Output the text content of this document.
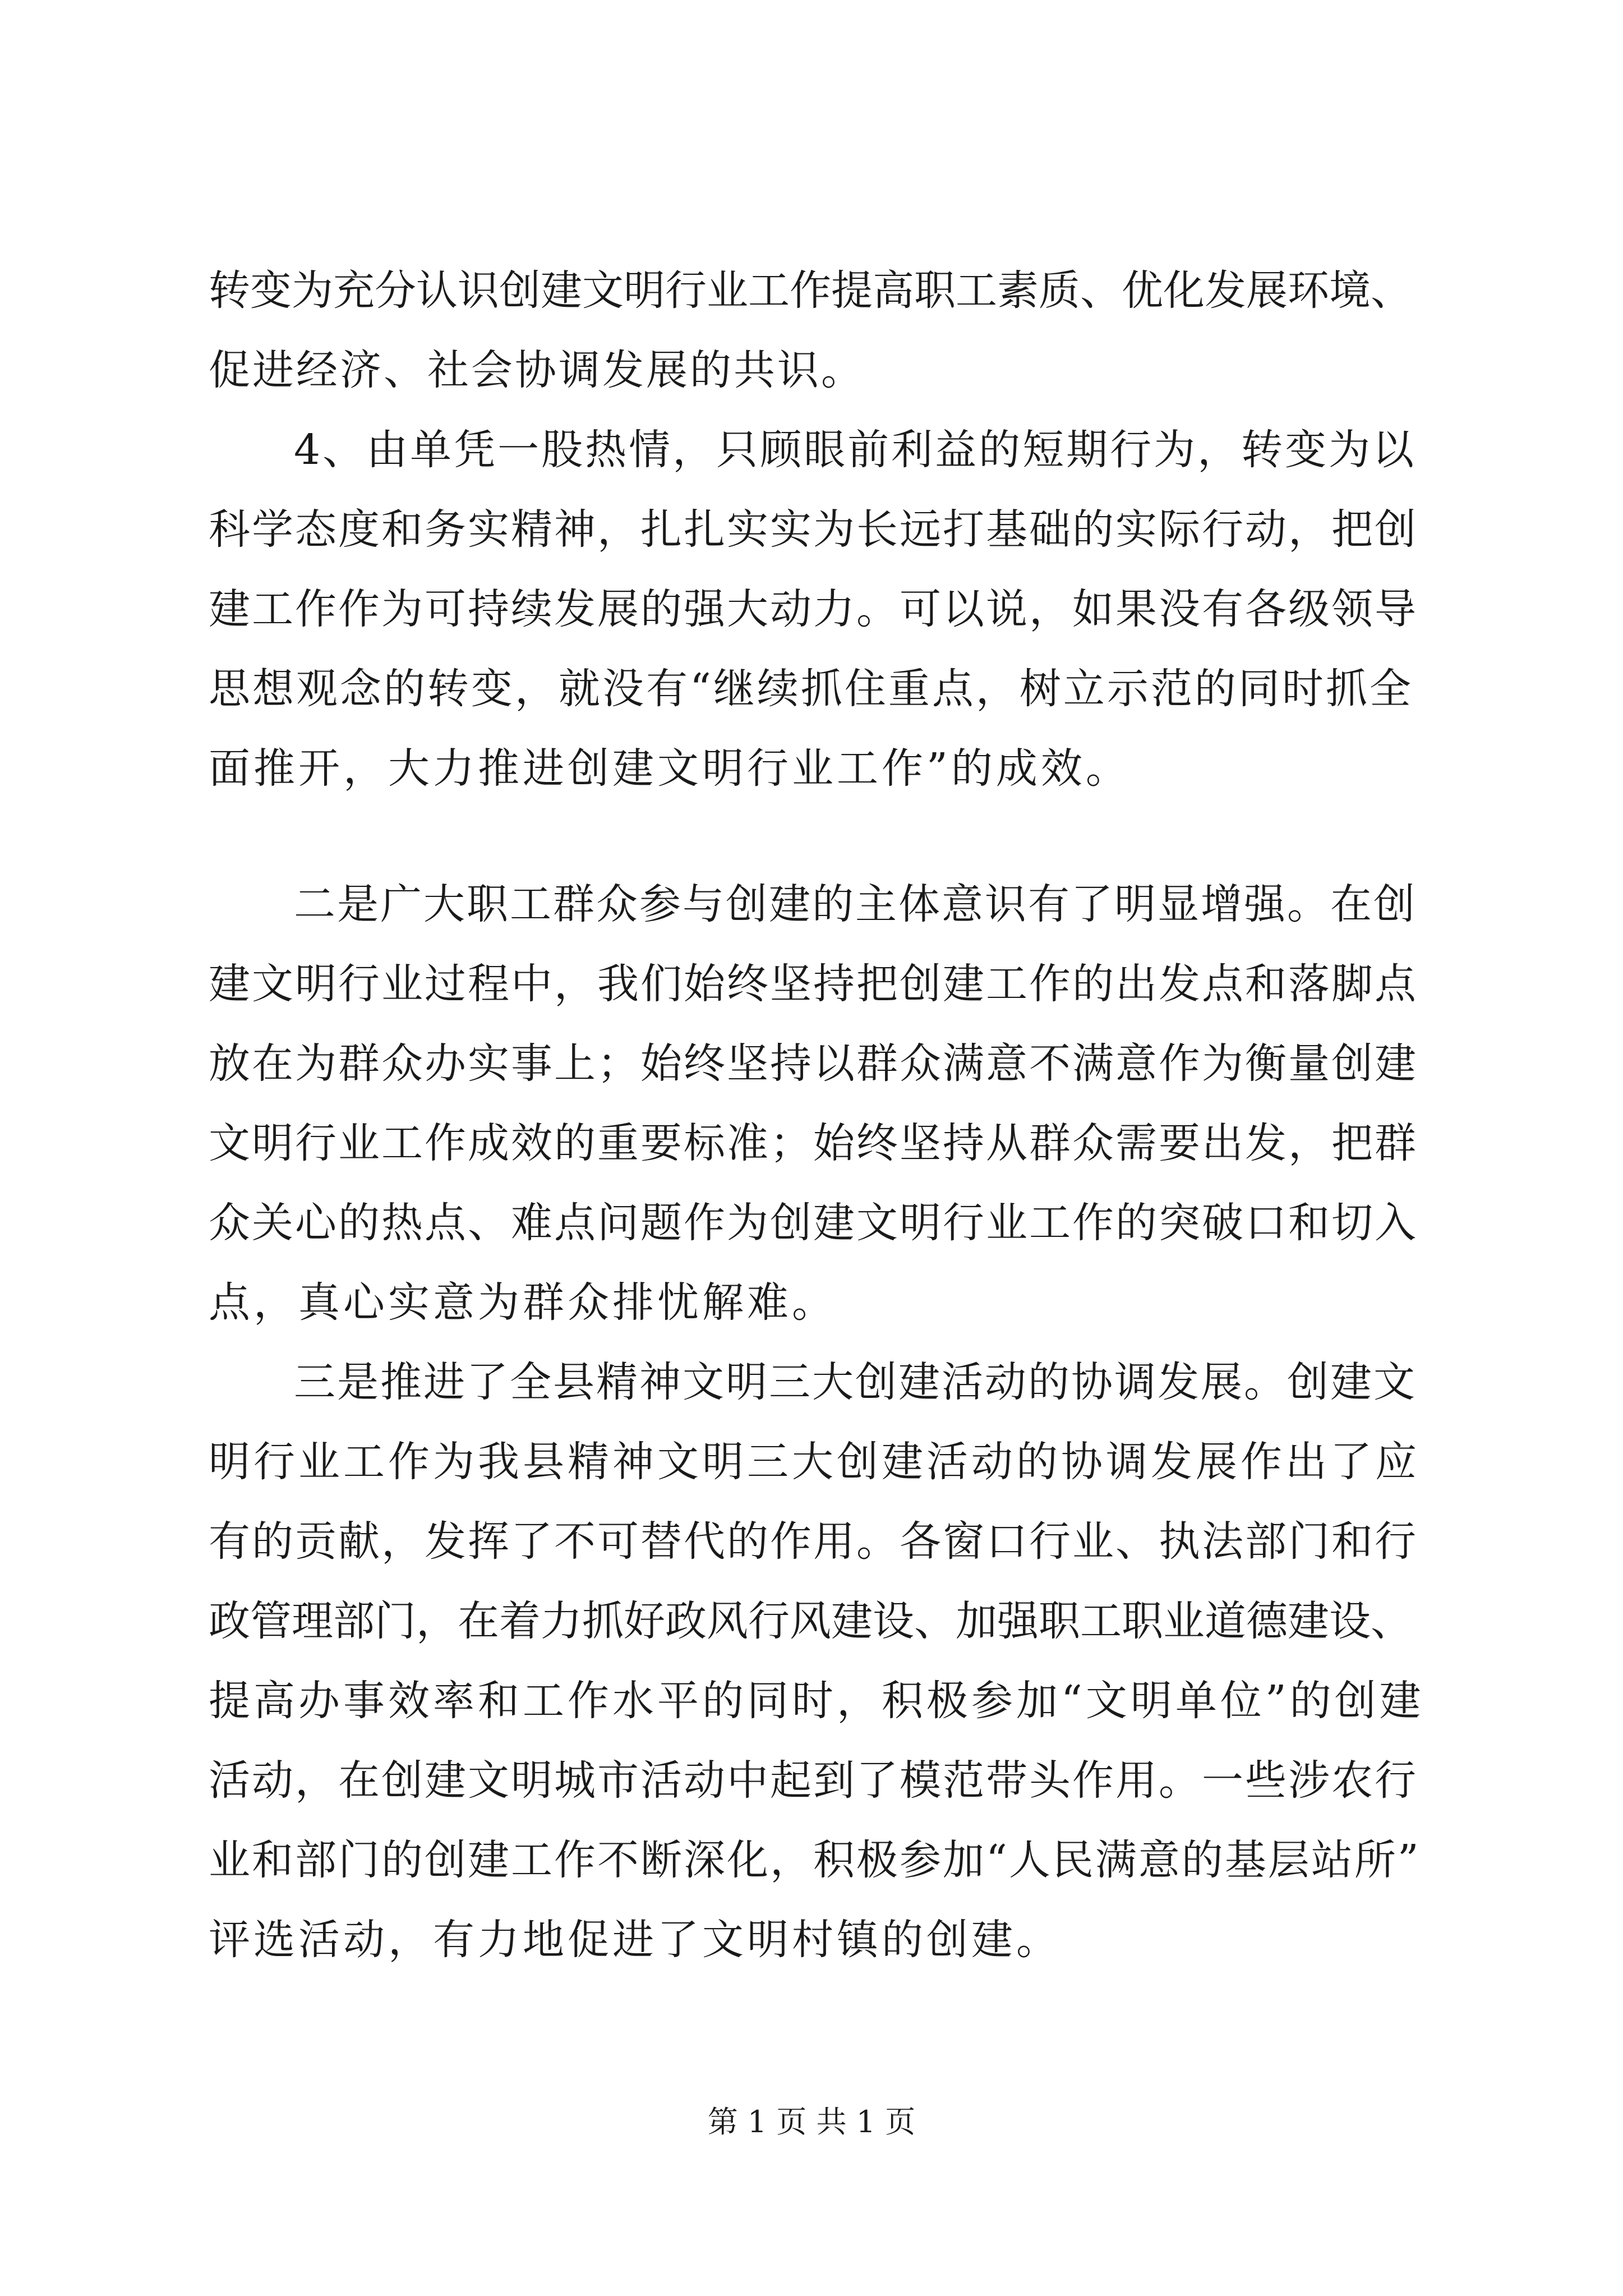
转变为充分认识创建文明行业工作提高职工素质、优化发展环境、
促进经济、社会协调发展的共识。
4、由单凭一股热情，只顾眼前利益的短期行为，转变为以
科学态度和务实精神，扎扎实实为长远打基础的实际行动，把创
建工作作为可持续发展的强大动力。可以说，如果没有各级领导
思想观念的转变，就没有“继续抓住重点，树立示范的同时抓全
面推开，大力推进创建文明行业工作”的成效。
二是广大职工群众参与创建的主体意识有了明显增强。在创
建文明行业过程中，我们始终坚持把创建工作的出发点和落脚点
放在为群众办实事上；始终坚持以群众满意不满意作为衡量创建
文明行业工作成效的重要标准；始终坚持从群众需要出发，把群
众关心的热点、难点问题作为创建文明行业工作的突破口和切入
点，真心实意为群众排忧解难。
三是推进了全县精神文明三大创建活动的协调发展。创建文
明行业工作为我县精神文明三大创建活动的协调发展作出了应
有的贡献，发挥了不可替代的作用。各窗口行业、执法部门和行
政管理部门，在着力抓好政风行风建设、加强职工职业道德建设、
提高办事效率和工作水平的同时，积极参加“文明单位”的创建
活动，在创建文明城市活动中起到了模范带头作用。一些涉农行
业和部门的创建工作不断深化，积极参加“人民满意的基层站所”
评选活动，有力地促进了文明村镇的创建。
第 1 页 共 1 页
